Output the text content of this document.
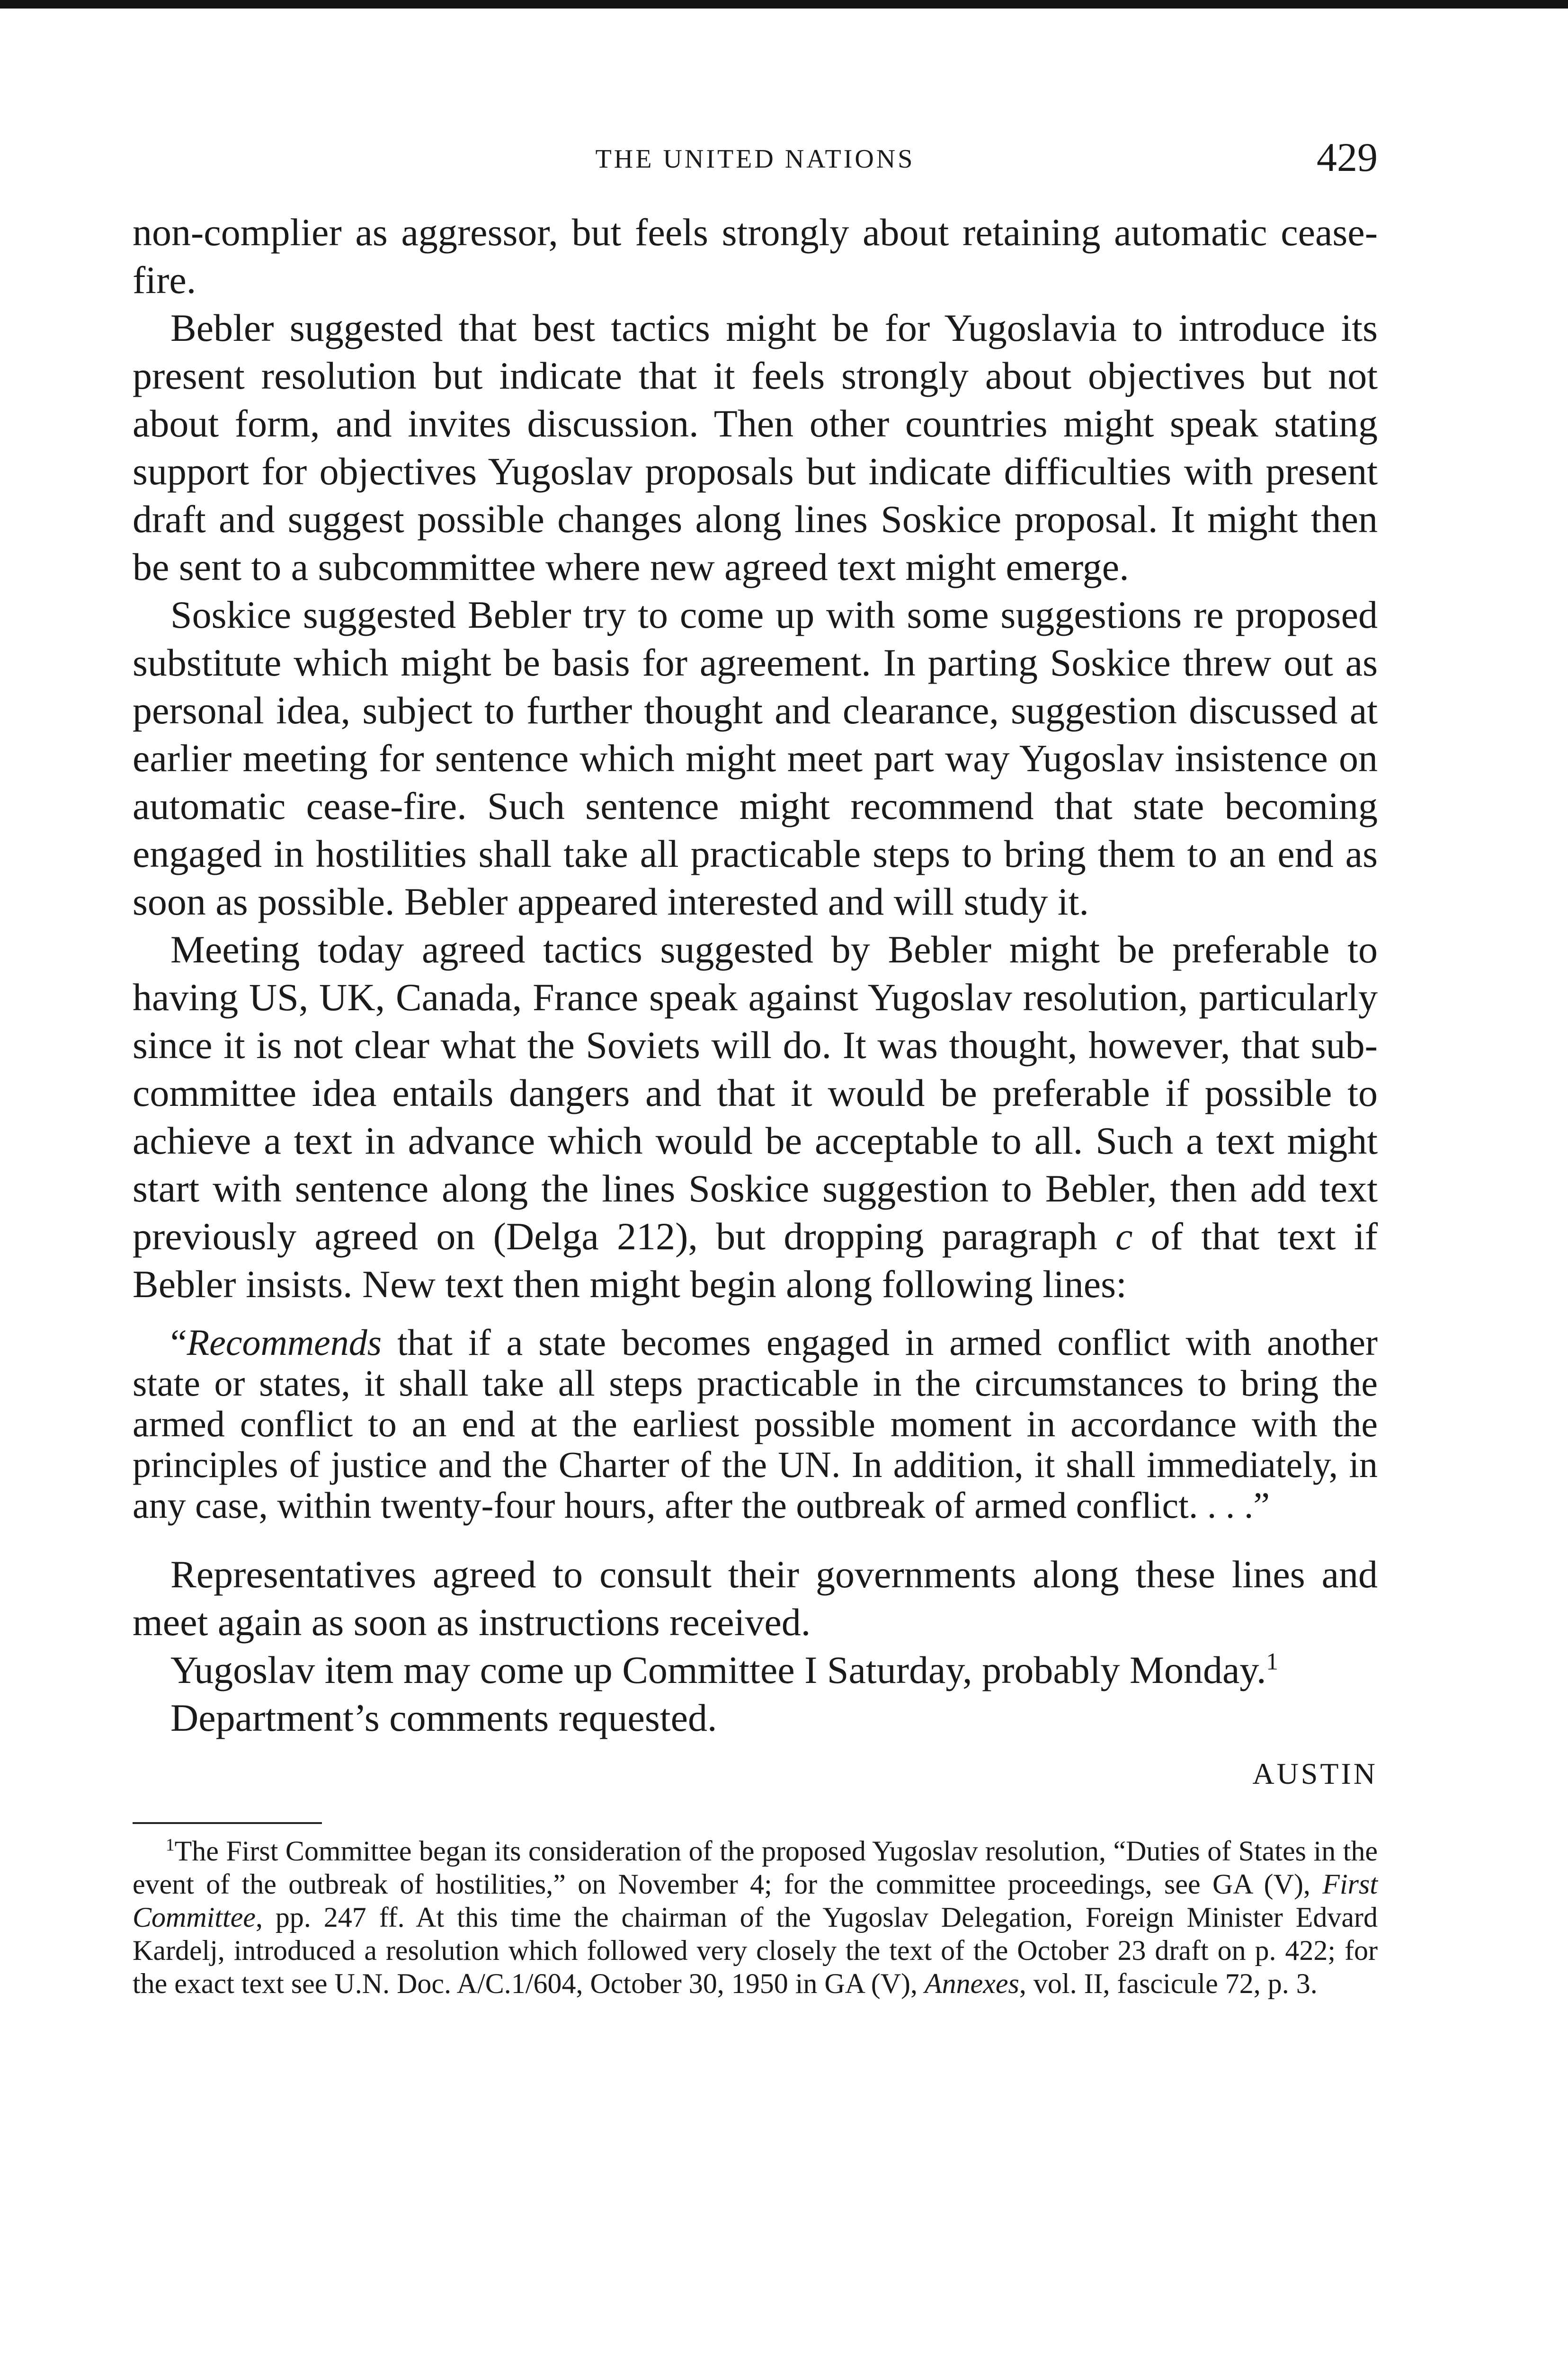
THE UNITED NATIONS	429

non-complier as aggressor, but feels strongly about retaining automatic cease-fire.

Bebler suggested that best tactics might be for Yugoslavia to introduce its present resolution but indicate that it feels strongly about objectives but not about form, and invites discussion. Then other countries might speak stating support for objectives Yugoslav proposals but indicate difficulties with present draft and suggest possible changes along lines Soskice proposal. It might then be sent to a subcommittee where new agreed text might emerge.

Soskice suggested Bebler try to come up with some suggestions re proposed substitute which might be basis for agreement. In parting Soskice threw out as personal idea, subject to further thought and clearance, suggestion discussed at earlier meeting for sentence which might meet part way Yugoslav insistence on automatic cease-fire. Such sentence might recommend that state becoming engaged in hostilities shall take all practicable steps to bring them to an end as soon as possible. Bebler appeared interested and will study it.

Meeting today agreed tactics suggested by Bebler might be preferable to having US, UK, Canada, France speak against Yugoslav resolution, particularly since it is not clear what the Soviets will do. It was thought, however, that sub-committee idea entails dangers and that it would be preferable if possible to achieve a text in advance which would be acceptable to all. Such a text might start with sentence along the lines Soskice suggestion to Bebler, then add text previously agreed on (Delga 212), but dropping paragraph c of that text if Bebler insists. New text then might begin along following lines:

“Recommends that if a state becomes engaged in armed conflict with another state or states, it shall take all steps practicable in the circumstances to bring the armed conflict to an end at the earliest possible moment in accordance with the principles of justice and the Charter of the UN. In addition, it shall immediately, in any case, within twenty-four hours, after the outbreak of armed conflict. . . .”

Representatives agreed to consult their governments along these lines and meet again as soon as instructions received.

Yugoslav item may come up Committee I Saturday, probably Monday.$^1$

Department’s comments requested.

AUSTIN

$^1$The First Committee began its consideration of the proposed Yugoslav resolution, “Duties of States in the event of the outbreak of hostilities,” on November 4; for the committee proceedings, see GA (V), First Committee, pp. 247 ff. At this time the chairman of the Yugoslav Delegation, Foreign Minister Edvard Kardelj, introduced a resolution which followed very closely the text of the October 23 draft on p. 422; for the exact text see U.N. Doc. A/C.1/604, October 30, 1950 in GA (V), Annexes, vol. II, fascicule 72, p. 3.
